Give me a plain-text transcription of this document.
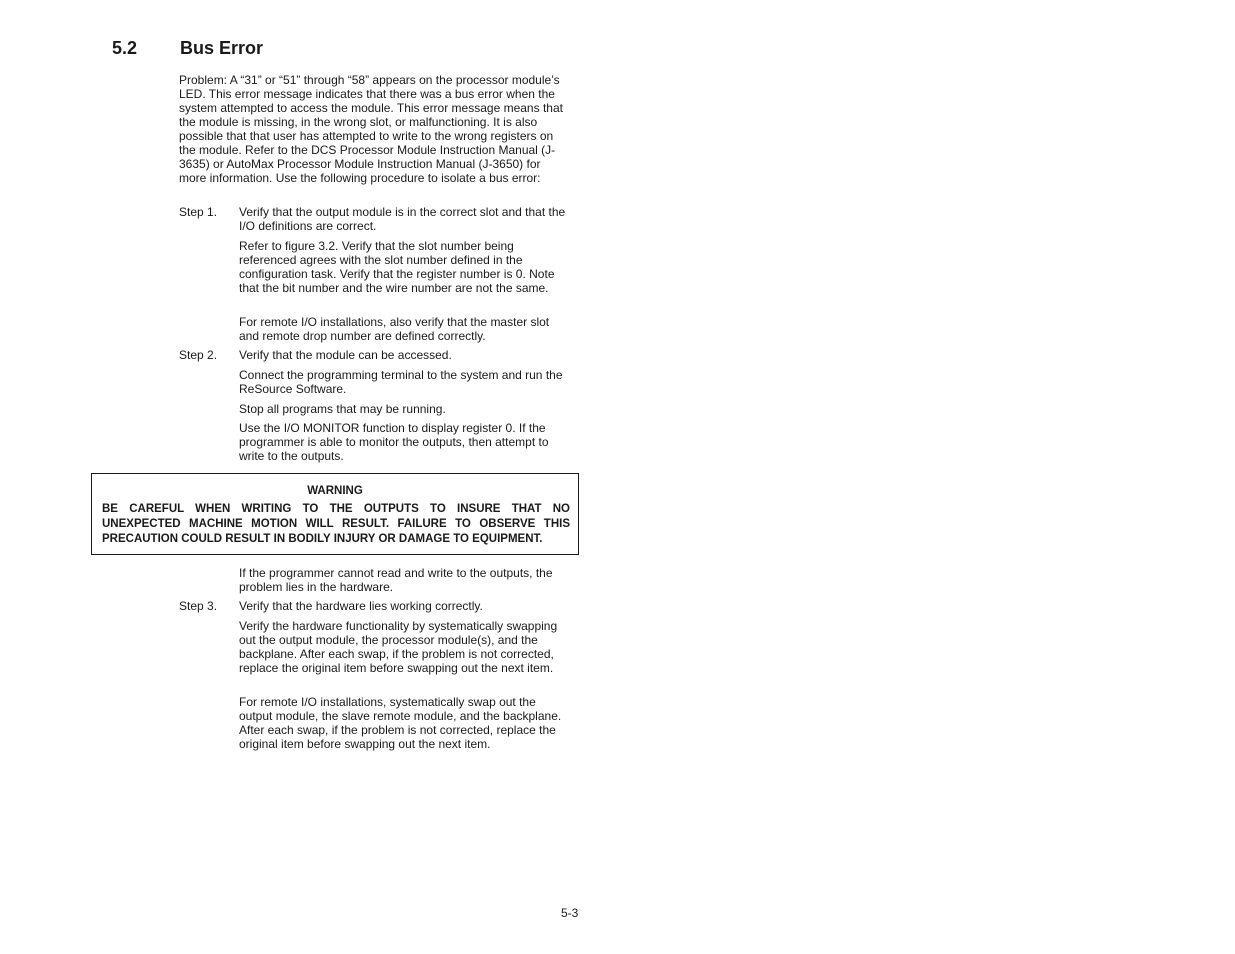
5.2 Bus Error

Problem: A “31” or “51” through “58” appears on the processor module’s LED. This error message indicates that there was a bus error when the system attempted to access the module. This error message means that the module is missing, in the wrong slot, or malfunctioning. It is also possible that that user has attempted to write to the wrong registers on the module. Refer to the DCS Processor Module Instruction Manual (J-3635) or AutoMax Processor Module Instruction Manual (J-3650) for more information. Use the following procedure to isolate a bus error:

Step 1. Verify that the output module is in the correct slot and that the I/O definitions are correct.

Refer to figure 3.2. Verify that the slot number being referenced agrees with the slot number defined in the configuration task. Verify that the register number is 0. Note that the bit number and the wire number are not the same.

For remote I/O installations, also verify that the master slot and remote drop number are defined correctly.

Step 2. Verify that the module can be accessed.

Connect the programming terminal to the system and run the ReSource Software.

Stop all programs that may be running.

Use the I/O MONITOR function to display register 0. If the programmer is able to monitor the outputs, then attempt to write to the outputs.

WARNING

BE CAREFUL WHEN WRITING TO THE OUTPUTS TO INSURE THAT NO UNEXPECTED MACHINE MOTION WILL RESULT. FAILURE TO OBSERVE THIS
PRECAUTION COULD RESULT IN BODILY INJURY OR DAMAGE TO EQUIPMENT.

If the programmer cannot read and write to the outputs, the problem lies in the hardware.

Step 3. Verify that the hardware lies working correctly.

Verify the hardware functionality by systematically swapping out the output module, the processor module(s), and the backplane. After each swap, if the problem is not corrected, replace the original item before swapping out the next item.

For remote I/O installations, systematically swap out the output module, the slave remote module, and the backplane. After each swap, if the problem is not corrected, replace the original item before swapping out the next item.

5-3
